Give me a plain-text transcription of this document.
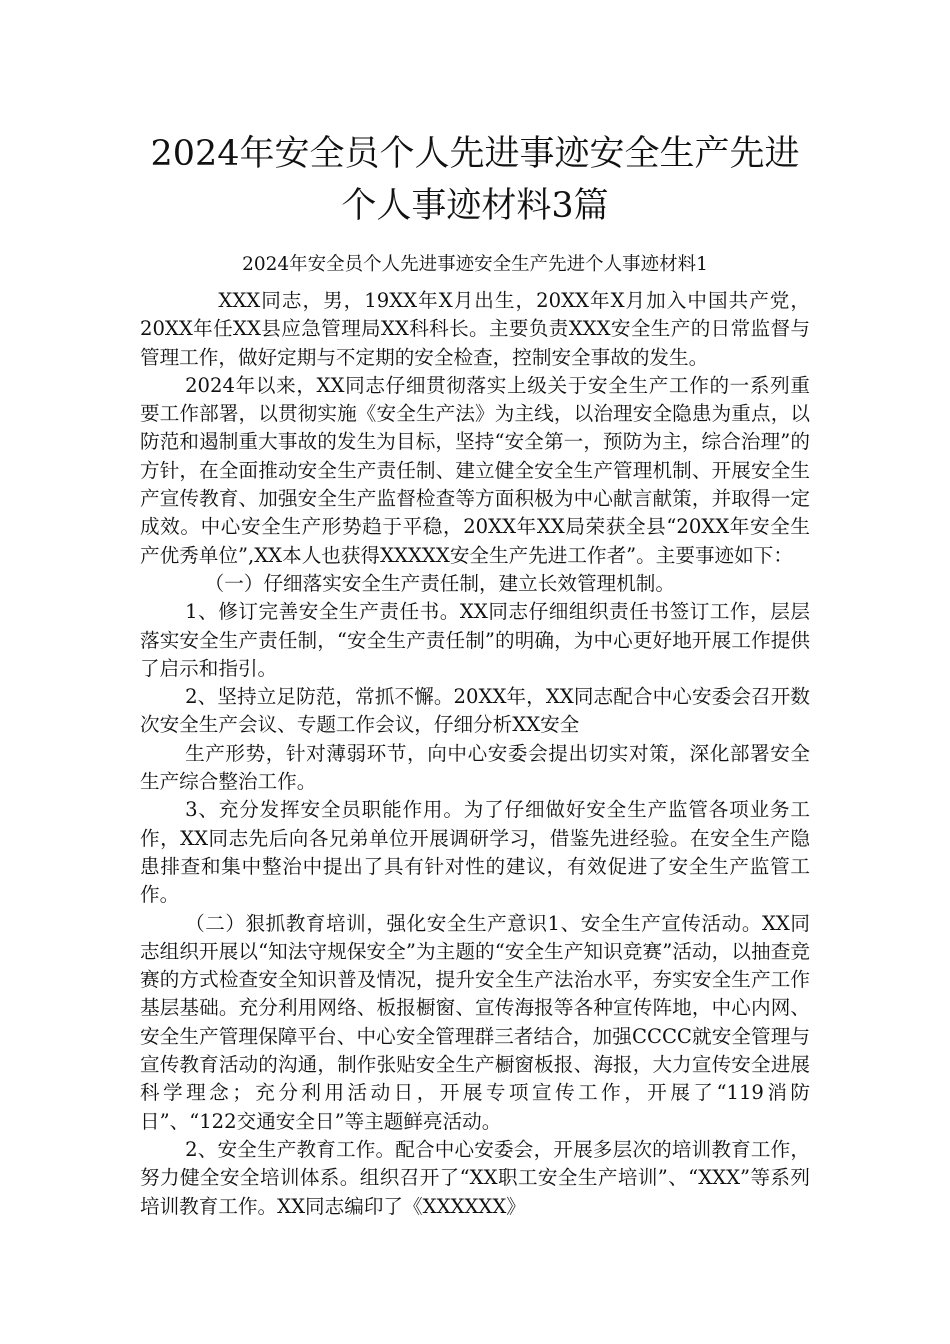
2024年安全员个人先进事迹安全生产先进
个人事迹材料3篇
2024年安全员个人先进事迹安全生产先进个人事迹材料1

XXX同志，男，19XX年X月出生，20XX年X月加入中国共产党，20XX年任XX县应急管理局XX科科长。主要负责XXX安全生产的日常监督与管理工作，做好定期与不定期的安全检查，控制安全事故的发生。

2024年以来，XX同志仔细贯彻落实上级关于安全生产工作的一系列重要工作部署，以贯彻实施《安全生产法》为主线，以治理安全隐患为重点，以防范和遏制重大事故的发生为目标，坚持“安全第一，预防为主，综合治理”的方针，在全面推动安全生产责任制、建立健全安全生产管理机制、开展安全生产宣传教育、加强安全生产监督检查等方面积极为中心献言献策，并取得一定成效。中心安全生产形势趋于平稳，20XX年XX局荣获全县“20XX年安全生产优秀单位”,XX本人也获得XXXXX安全生产先进工作者”。主要事迹如下：

（一）仔细落实安全生产责任制，建立长效管理机制。

1、修订完善安全生产责任书。XX同志仔细组织责任书签订工作，层层落实安全生产责任制，“安全生产责任制”的明确，为中心更好地开展工作提供了启示和指引。

2、坚持立足防范，常抓不懈。20XX年，XX同志配合中心安委会召开数次安全生产会议、专题工作会议，仔细分析XX安全

生产形势，针对薄弱环节，向中心安委会提出切实对策，深化部署安全生产综合整治工作。

3、充分发挥安全员职能作用。为了仔细做好安全生产监管各项业务工作，XX同志先后向各兄弟单位开展调研学习，借鉴先进经验。在安全生产隐患排查和集中整治中提出了具有针对性的建议，有效促进了安全生产监管工作。

（二）狠抓教育培训，强化安全生产意识1、安全生产宣传活动。XX同志组织开展以“知法守规保安全”为主题的“安全生产知识竞赛”活动，以抽查竞赛的方式检查安全知识普及情况，提升安全生产法治水平，夯实安全生产工作基层基础。充分利用网络、板报橱窗、宣传海报等各种宣传阵地，中心内网、安全生产管理保障平台、中心安全管理群三者结合，加强CCCC就安全管理与宣传教育活动的沟通，制作张贴安全生产橱窗板报、海报，大力宣传安全进展科学理念；充分利用活动日，开展专项宣传工作，开展了“119消防日”、“122交通安全日”等主题鲜亮活动。

2、安全生产教育工作。配合中心安委会，开展多层次的培训教育工作，努力健全安全培训体系。组织召开了“XX职工安全生产培训”、“XXX”等系列培训教育工作。XX同志编印了《XXXXXX》
